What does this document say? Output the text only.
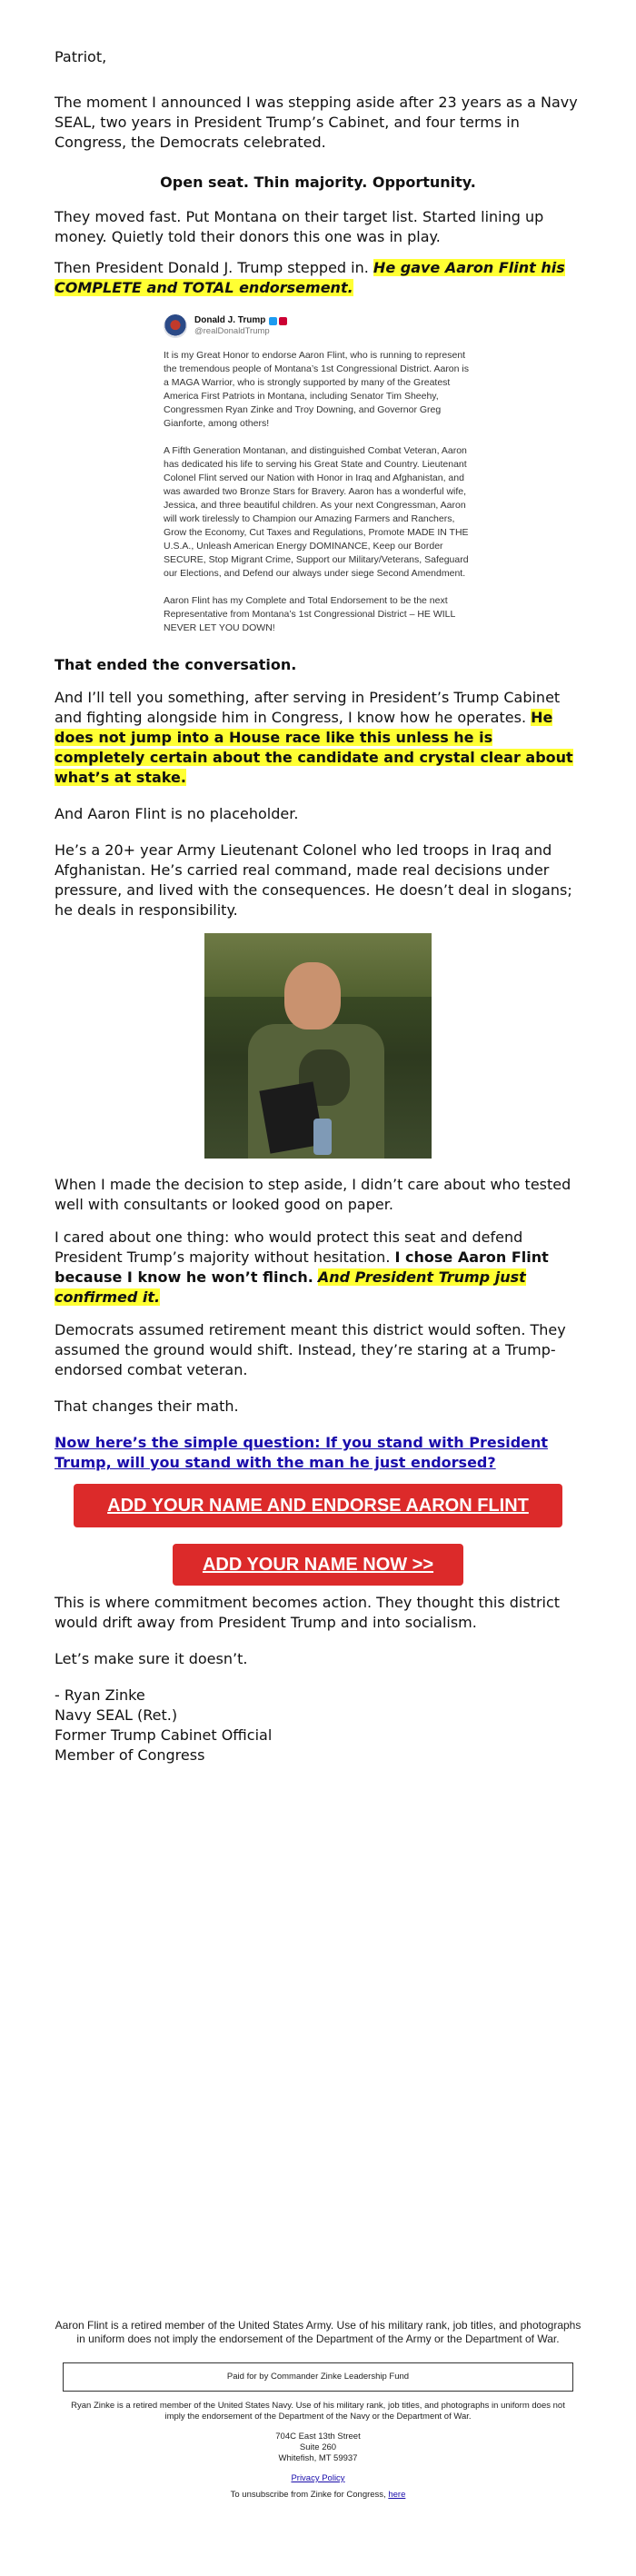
Patriot,

The moment I announced I was stepping aside after 23 years as a Navy SEAL, two years in President Trump’s Cabinet, and four terms in Congress, the Democrats celebrated.

Open seat. Thin majority. Opportunity.

They moved fast. Put Montana on their target list. Started lining up money. Quietly told their donors this one was in play.

Then President Donald J. Trump stepped in. He gave Aaron Flint his COMPLETE and TOTAL endorsement.

Donald J. Trump
@realDonaldTrump

It is my Great Honor to endorse Aaron Flint, who is running to represent the tremendous people of Montana’s 1st Congressional District. Aaron is a MAGA Warrior, who is strongly supported by many of the Greatest America First Patriots in Montana, including Senator Tim Sheehy, Congressmen Ryan Zinke and Troy Downing, and Governor Greg Gianforte, among others!

A Fifth Generation Montanan, and distinguished Combat Veteran, Aaron has dedicated his life to serving his Great State and Country. Lieutenant Colonel Flint served our Nation with Honor in Iraq and Afghanistan, and was awarded two Bronze Stars for Bravery. Aaron has a wonderful wife, Jessica, and three beautiful children. As your next Congressman, Aaron will work tirelessly to Champion our Amazing Farmers and Ranchers, Grow the Economy, Cut Taxes and Regulations, Promote MADE IN THE U.S.A., Unleash American Energy DOMINANCE, Keep our Border SECURE, Stop Migrant Crime, Support our Military/Veterans, Safeguard our Elections, and Defend our always under siege Second Amendment.

Aaron Flint has my Complete and Total Endorsement to be the next Representative from Montana’s 1st Congressional District – HE WILL NEVER LET YOU DOWN!

That ended the conversation.

And I’ll tell you something, after serving in President’s Trump Cabinet and fighting alongside him in Congress, I know how he operates. He does not jump into a House race like this unless he is completely certain about the candidate and crystal clear about what’s at stake.

And Aaron Flint is no placeholder.

He’s a 20+ year Army Lieutenant Colonel who led troops in Iraq and Afghanistan. He’s carried real command, made real decisions under pressure, and lived with the consequences. He doesn’t deal in slogans; he deals in responsibility.

When I made the decision to step aside, I didn’t care about who tested well with consultants or looked good on paper.

I cared about one thing: who would protect this seat and defend President Trump’s majority without hesitation. I chose Aaron Flint because I know he won’t flinch. And President Trump just confirmed it.

Democrats assumed retirement meant this district would soften. They assumed the ground would shift. Instead, they’re staring at a Trump-endorsed combat veteran.

That changes their math.

Now here’s the simple question: If you stand with President Trump, will you stand with the man he just endorsed?

ADD YOUR NAME AND ENDORSE AARON FLINT
ADD YOUR NAME NOW >>

This is where commitment becomes action. They thought this district would drift away from President Trump and into socialism.

Let’s make sure it doesn’t.

- Ryan Zinke
Navy SEAL (Ret.)
Former Trump Cabinet Official
Member of Congress

Aaron Flint is a retired member of the United States Army. Use of his military rank, job titles, and photographs in uniform does not imply the endorsement of the Department of the Army or the Department of War.

Paid for by Commander Zinke Leadership Fund

Ryan Zinke is a retired member of the United States Navy. Use of his military rank, job titles, and photographs in uniform does not imply the endorsement of the Department of the Navy or the Department of War.

704C East 13th Street
Suite 260
Whitefish, MT 59937
Privacy Policy
To unsubscribe from Zinke for Congress, here
